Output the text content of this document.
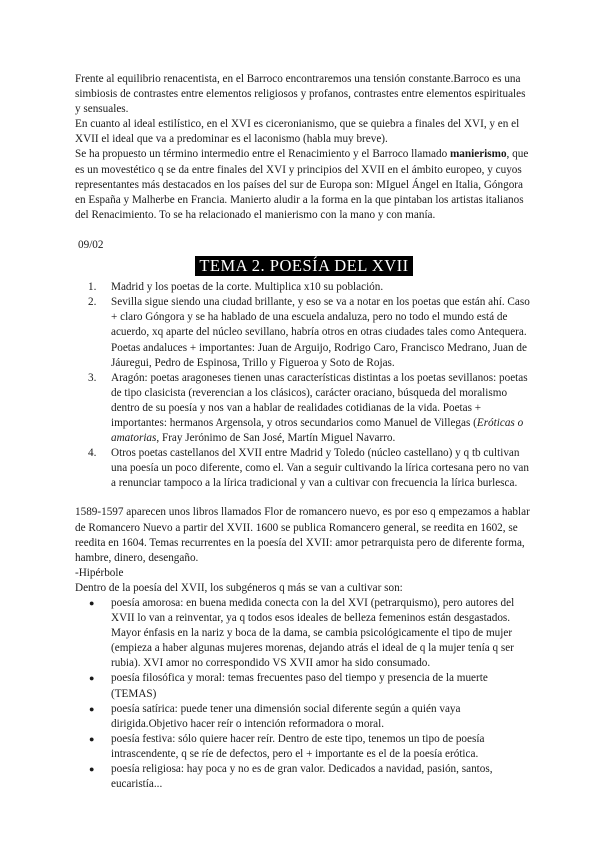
Frente al equilibrio renacentista, en el Barroco encontraremos una tensión constante.Barroco es una simbiosis de contrastes entre elementos religiosos y profanos, contrastes entre elementos espirituales y sensuales.

En cuanto al ideal estilístico, en el XVI es ciceronianismo, que se quiebra a finales del XVI, y en el XVII el ideal que va a predominar es el laconismo (habla muy breve).

Se ha propuesto un término intermedio entre el Renacimiento y el Barroco llamado manierismo, que es un movestético q se da entre finales del XVI y principios del XVII en el ámbito europeo, y cuyos representantes más destacados en los países del sur de Europa son: MIguel Ángel en Italia, Góngora en España y Malherbe en Francia. Manierto aludir a la forma en la que pintaban los artistas italianos del Renacimiento. To se ha relacionado el manierismo con la mano y con manía.

09/02

TEMA 2. POESÍA DEL XVII
1. Madrid y los poetas de la corte. Multiplica x10 su población.
2. Sevilla sigue siendo una ciudad brillante, y eso se va a notar en los poetas que están ahí. Caso + claro Góngora y se ha hablado de una escuela andaluza, pero no todo el mundo está de acuerdo, xq aparte del núcleo sevillano, habría otros en otras ciudades tales como Antequera. Poetas andaluces + importantes: Juan de Arguijo, Rodrigo Caro, Francisco Medrano, Juan de Jáuregui, Pedro de Espinosa, Trillo y Figueroa y Soto de Rojas.
3. Aragón: poetas aragoneses tienen unas características distintas a los poetas sevillanos: poetas de tipo clasicista (reverencian a los clásicos), carácter oraciano, búsqueda del moralismo dentro de su poesía y nos van a hablar de realidades cotidianas de la vida. Poetas + importantes: hermanos Argensola, y otros secundarios como Manuel de Villegas (Eróticas o amatorias, Fray Jerónimo de San José, Martín Miguel Navarro.
4. Otros poetas castellanos del XVII entre Madrid y Toledo (núcleo castellano) y q tb cultivan una poesía un poco diferente, como el. Van a seguir cultivando la lírica cortesana pero no van a renunciar tampoco a la lírica tradicional y van a cultivar con frecuencia la lírica burlesca.

1589-1597 aparecen unos libros llamados Flor de romancero nuevo, es por eso q empezamos a hablar de Romancero Nuevo a partir del XVII. 1600 se publica Romancero general, se reedita en 1602, se reedita en 1604. Temas recurrentes en la poesía del XVII: amor petrarquista pero de diferente forma, hambre, dinero, desengaño.

-Hipérbole

Dentro de la poesía del XVII, los subgéneros q más se van a cultivar son:

● poesía amorosa: en buena medida conecta con la del XVI (petrarquismo), pero autores del XVII lo van a reinventar, ya q todos esos ideales de belleza femeninos están desgastados. Mayor énfasis en la nariz y boca de la dama, se cambia psicológicamente el tipo de mujer (empieza a haber algunas mujeres morenas, dejando atrás el ideal de q la mujer tenía q ser rubia). XVI amor no correspondido VS XVII amor ha sido consumado.
● poesía filosófica y moral: temas frecuentes paso del tiempo y presencia de la muerte (TEMAS)
● poesía satírica: puede tener una dimensión social diferente según a quién vaya dirigida.Objetivo hacer reír o intención reformadora o moral.
● poesía festiva: sólo quiere hacer reír. Dentro de este tipo, tenemos un tipo de poesía intrascendente, q se ríe de defectos, pero el + importante es el de la poesía erótica.
● poesía religiosa: hay poca y no es de gran valor. Dedicados a navidad, pasión, santos, eucaristía...
